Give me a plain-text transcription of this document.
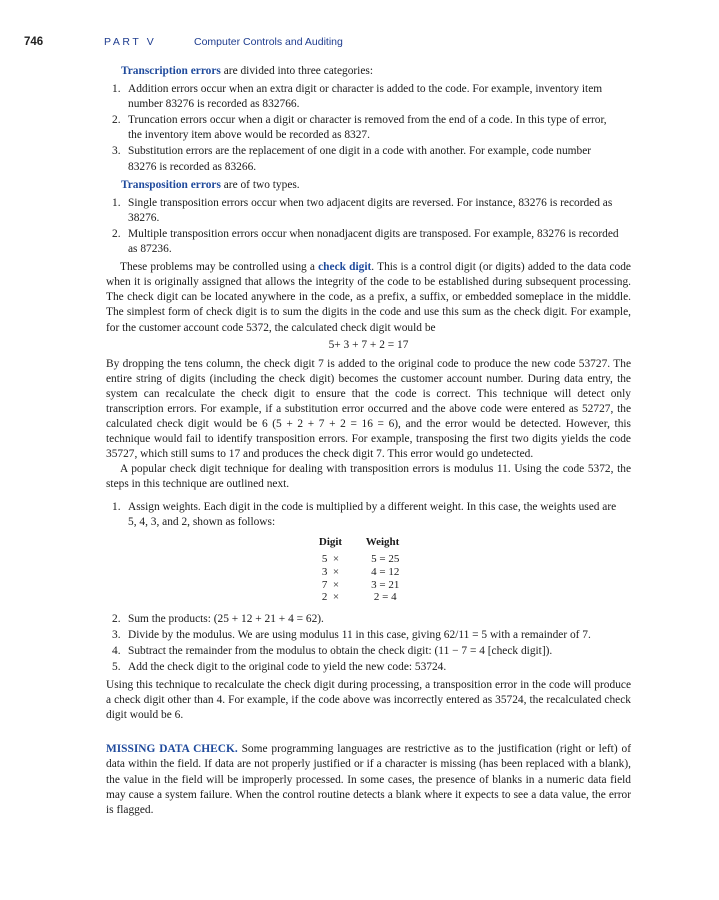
746	PART V	Computer Controls and Auditing

Transcription errors are divided into three categories:

1. Addition errors occur when an extra digit or character is added to the code. For example, inventory item number 83276 is recorded as 832766.
2. Truncation errors occur when a digit or character is removed from the end of a code. In this type of error, the inventory item above would be recorded as 8327.
3. Substitution errors are the replacement of one digit in a code with another. For example, code number 83276 is recorded as 83266.

Transposition errors are of two types.

1. Single transposition errors occur when two adjacent digits are reversed. For instance, 83276 is recorded as 38276.
2. Multiple transposition errors occur when nonadjacent digits are transposed. For example, 83276 is recorded as 87236.

These problems may be controlled using a check digit. This is a control digit (or digits) added to the data code when it is originally assigned that allows the integrity of the code to be established during subsequent processing. The check digit can be located anywhere in the code, as a prefix, a suffix, or embedded someplace in the middle. The simplest form of check digit is to sum the digits in the code and use this sum as the check digit. For example, for the customer account code 5372, the calculated check digit would be

5+ 3 + 7 + 2 = 17

By dropping the tens column, the check digit 7 is added to the original code to produce the new code 53727. The entire string of digits (including the check digit) becomes the customer account number. During data entry, the system can recalculate the check digit to ensure that the code is correct. This technique will detect only transcription errors. For example, if a substitution error occurred and the above code were entered as 52727, the calculated check digit would be 6 (5 + 2 + 7 + 2 = 16 = 6), and the error would be detected. However, this technique would fail to identify transposition errors. For example, transposing the first two digits yields the code 35727, which still sums to 17 and produces the check digit 7. This error would go undetected.

A popular check digit technique for dealing with transposition errors is modulus 11. Using the code 5372, the steps in this technique are outlined next.

1. Assign weights. Each digit in the code is multiplied by a different weight. In this case, the weights used are 5, 4, 3, and 2, shown as follows:
Digit	Weight
5  ×	5 = 25
3  ×	4 = 12
7  ×	3 = 21
2  ×	2 = 4
2. Sum the products: (25 + 12 + 21 + 4 = 62).
3. Divide by the modulus. We are using modulus 11 in this case, giving 62/11 = 5 with a remainder of 7.
4. Subtract the remainder from the modulus to obtain the check digit: (11 − 7 = 4 [check digit]).
5. Add the check digit to the original code to yield the new code: 53724.

Using this technique to recalculate the check digit during processing, a transposition error in the code will produce a check digit other than 4. For example, if the code above was incorrectly entered as 35724, the recalculated check digit would be 6.

MISSING DATA CHECK. Some programming languages are restrictive as to the justification (right or left) of data within the field. If data are not properly justified or if a character is missing (has been replaced with a blank), the value in the field will be improperly processed. In some cases, the presence of blanks in a numeric data field may cause a system failure. When the control routine detects a blank where it expects to see a data value, the error is flagged.
